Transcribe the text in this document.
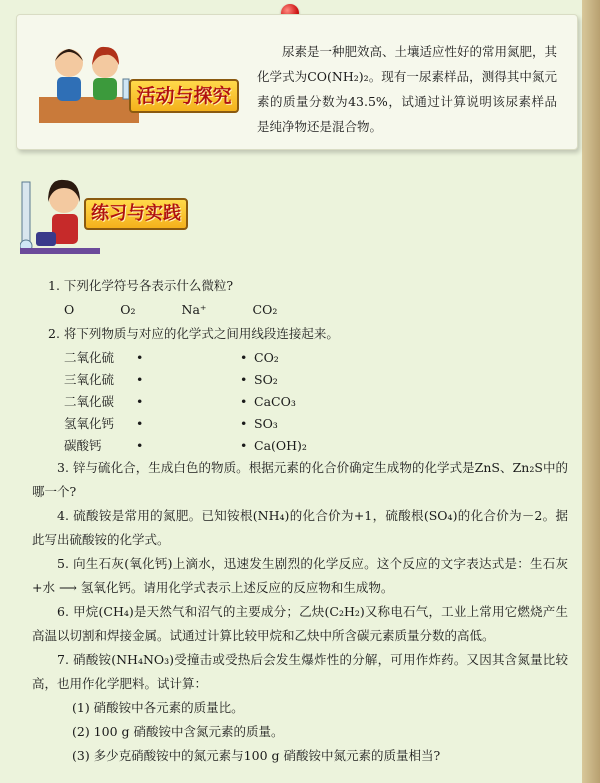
活动与探究
尿素是一种肥效高、土壤适应性好的常用氮肥，其化学式为CO(NH₂)₂。现有一尿素样品，测得其中氮元素的质量分数为43.5%，试通过计算说明该尿素样品是纯净物还是混合物。
练习与实践
1. 下列化学符号各表示什么微粒?
O	O₂	Na⁺	CO₂
2. 将下列物质与对应的化学式之间用线段连接起来。
二氧化硫	•	• CO₂
三氧化硫	•	• SO₂
二氧化碳	•	• CaCO₃
氢氧化钙	•	• SO₃
碳酸钙	•	• Ca(OH)₂
3. 锌与硫化合，生成白色的物质。根据元素的化合价确定生成物的化学式是ZnS、Zn₂S中的哪一个?
4. 硫酸铵是常用的氮肥。已知铵根(NH₄)的化合价为+1，硫酸根(SO₄)的化合价为－2。据此写出硫酸铵的化学式。
5. 向生石灰(氧化钙)上滴水，迅速发生剧烈的化学反应。这个反应的文字表达式是：生石灰+水 ⟶ 氢氧化钙。请用化学式表示上述反应的反应物和生成物。
6. 甲烷(CH₄)是天然气和沼气的主要成分；乙炔(C₂H₂)又称电石气，工业上常用它燃烧产生高温以切割和焊接金属。试通过计算比较甲烷和乙炔中所含碳元素质量分数的高低。
7. 硝酸铵(NH₄NO₃)受撞击或受热后会发生爆炸性的分解，可用作炸药。又因其含氮量比较高，也用作化学肥料。试计算：
(1) 硝酸铵中各元素的质量比。
(2) 100 g 硝酸铵中含氮元素的质量。
(3) 多少克硝酸铵中的氮元素与100 g 硝酸铵中氮元素的质量相当?
